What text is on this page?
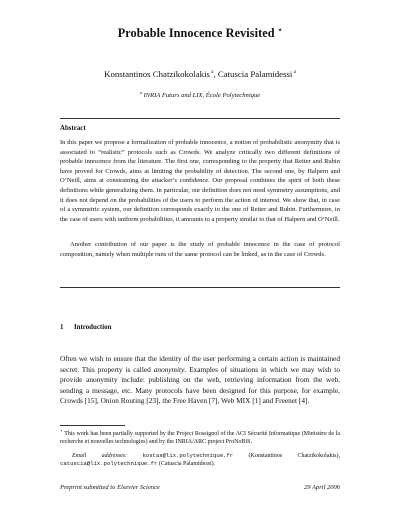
Probable Innocence Revisited ⋆
Konstantinos Chatzikokolakis $^a$, Catuscia Palamidessi $^a$
$^a$ INRIA Futurs and LIX, École Polytechnique
Abstract

In this paper we propose a formalization of probable innocence, a notion of probabilistic anonymity that is associated to “realistic” protocols such as Crowds. We analyze critically two different definitions of probable innocence from the literature. The first one, corresponding to the property that Reiter and Rubin have proved for Crowds, aims at limiting the probability of detection. The second one, by Halpern and O’Neill, aims at constraining the attacker’s confidence. Our proposal combines the spirit of both these definitions while generalizing them. In particular, our definition does not need symmetry assumptions, and it does not depend on the probabilities of the users to perform the action of interest. We show that, in case of a symmetric system, our definition corresponds exactly to the one of Reiter and Rubin. Furthermore, in the case of users with uniform probabilities, it amounts to a property similar to that of Halpern and O’Neill.

Another contribution of our paper is the study of probable innocence in the case of protocol composition, namely when multiple runs of the same protocol can be linked, as in the case of Crowds.

1 Introduction

Often we wish to ensure that the identity of the user performing a certain action is maintained secret. This property is called anonymity. Examples of situations in which we may wish to provide anonymity include: publishing on the web, retrieving information from the web, sending a message, etc. Many protocols have been designed for this purpose, for example, Crowds [15], Onion Routing [23], the Free Haven [7], Web MIX [1] and Freenet [4].

⋆ This work has been partially supported by the Project Rossignol of the ACI Sécurité Informatique (Ministère de la recherche et nouvelles technologies) and by the INRIA/ARC project ProNoBiS.

Email addresses:	kostas@lix.polytechnique.fr	(Konstantinos Chatzikokolakis), catuscia@lix.polytechnique.fr (Catuscia Palamidessi).

Preprint submitted to Elsevier Science	29 April 2006
